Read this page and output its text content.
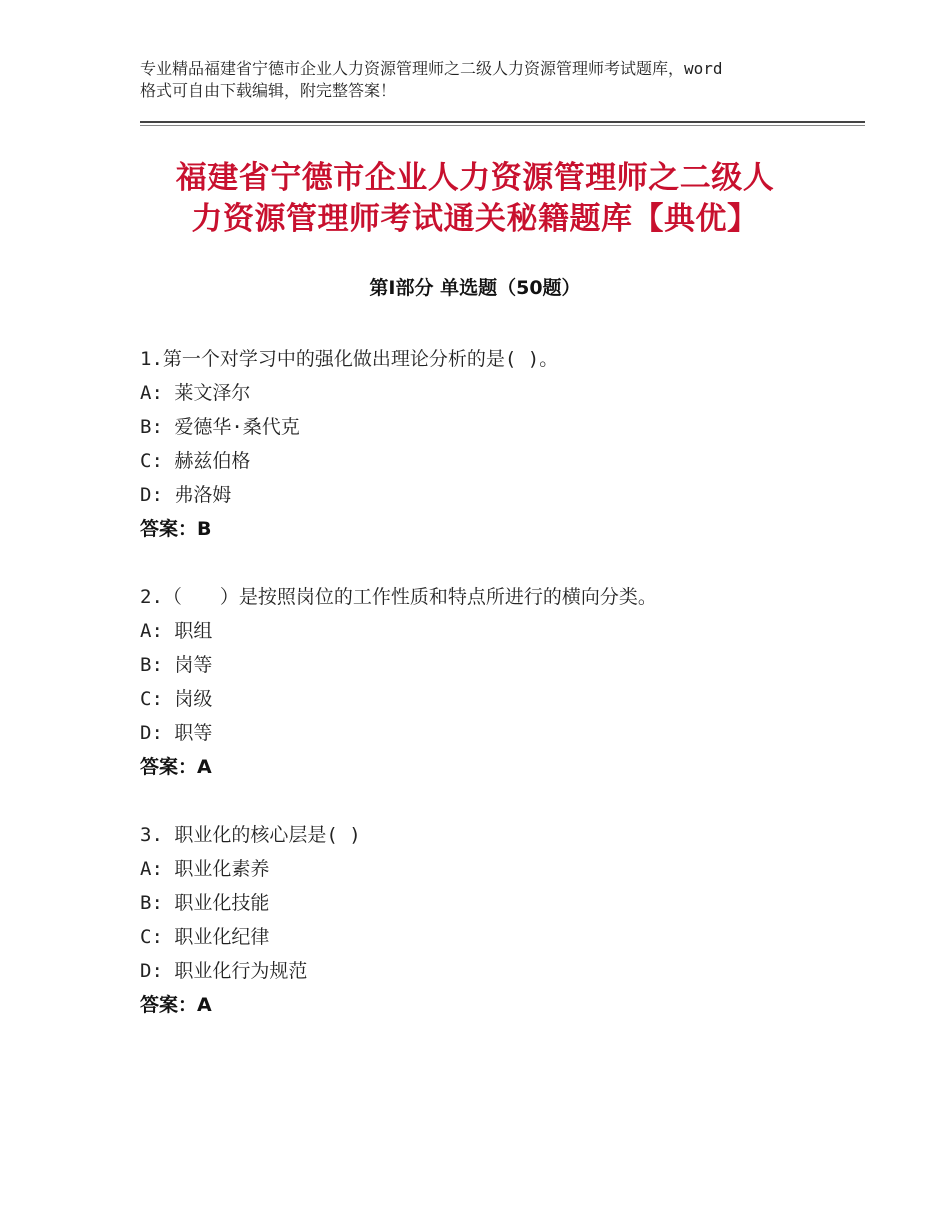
专业精品福建省宁德市企业人力资源管理师之二级人力资源管理师考试题库，word
格式可自由下载编辑，附完整答案！
福建省宁德市企业人力资源管理师之二级人
力资源管理师考试通关秘籍题库【典优】
第Ⅰ部分 单选题（50题）
1.第一个对学习中的强化做出理论分析的是( )。
A: 莱文泽尔
B: 爱德华·桑代克
C: 赫兹伯格
D: 弗洛姆
答案：B
2.（　　）是按照岗位的工作性质和特点所进行的横向分类。
A: 职组
B: 岗等
C: 岗级
D: 职等
答案：A
3. 职业化的核心层是( )
A: 职业化素养
B: 职业化技能
C: 职业化纪律
D: 职业化行为规范
答案：A
